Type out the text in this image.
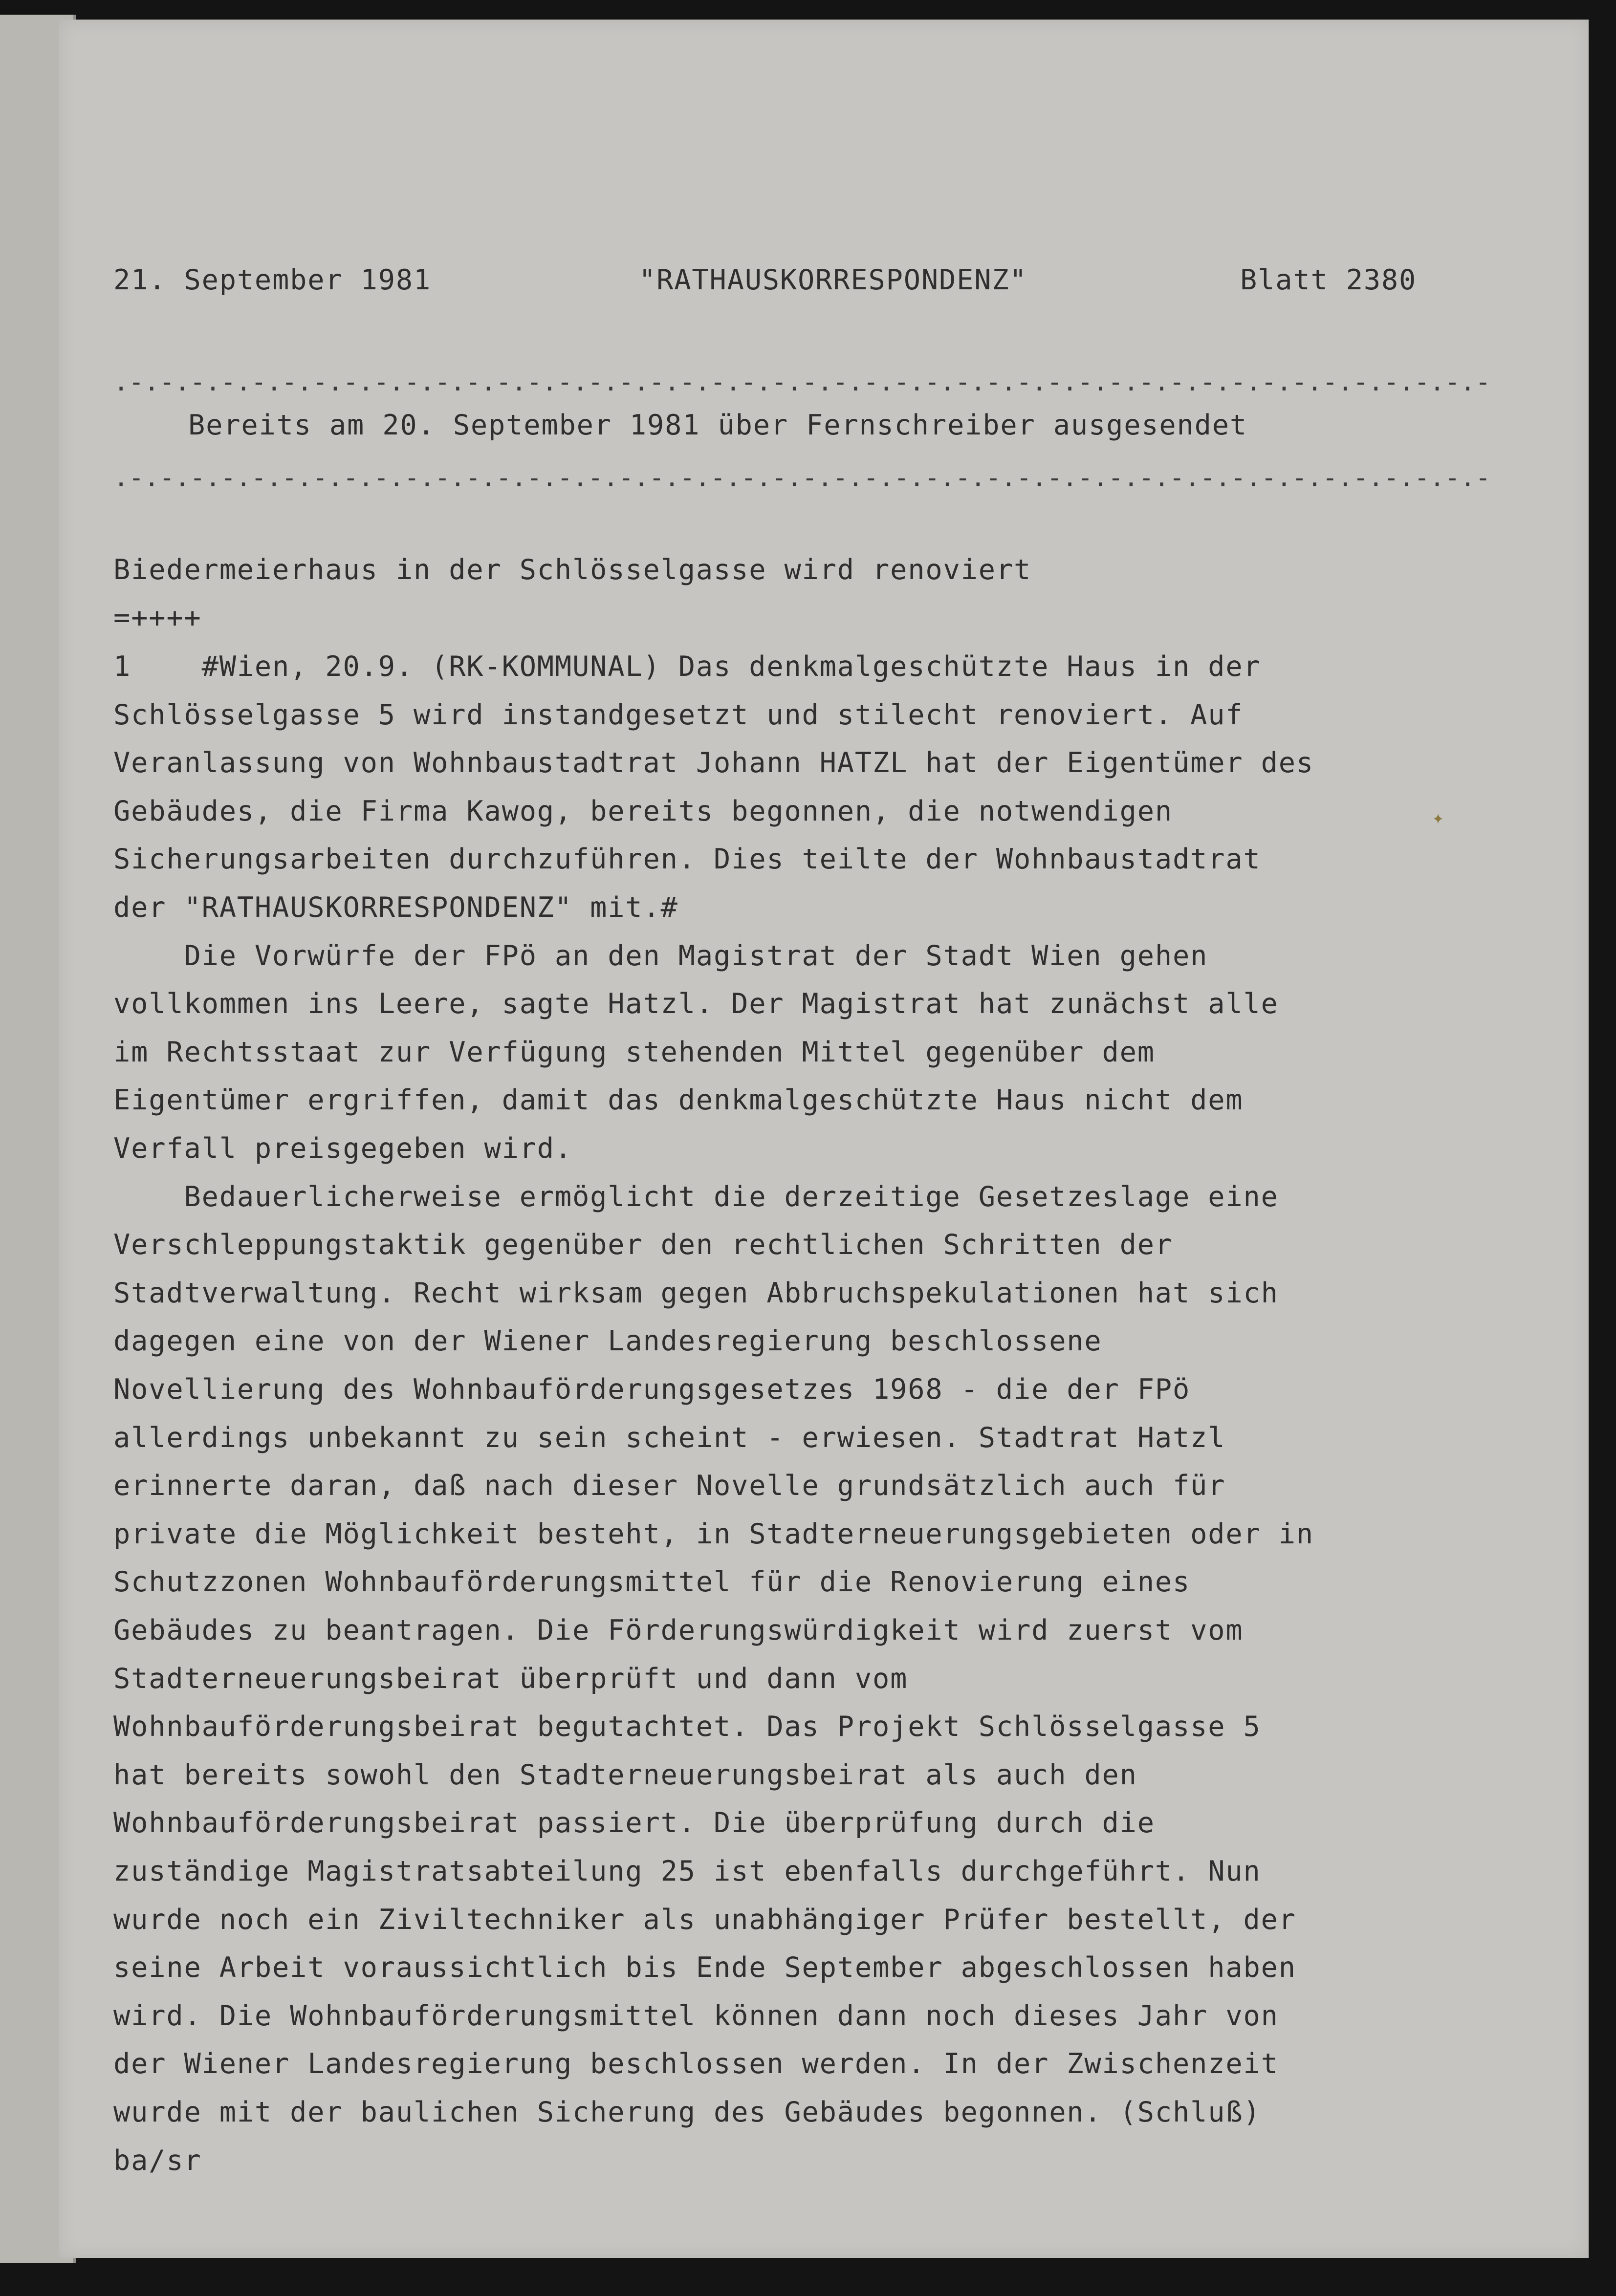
✦
21. September 1981	"RATHAUSKORRESPONDENZ"	Blatt 2380
.-.-.-.-.-.-.-.-.-.-.-.-.-.-.-.-.-.-.-.-.-.-.-.-.-.-.-.-.-.-.-.-.-.-.-.-.-.-.-.-.-.-.-.-.-
Bereits am 20. September 1981 über Fernschreiber ausgesendet
.-.-.-.-.-.-.-.-.-.-.-.-.-.-.-.-.-.-.-.-.-.-.-.-.-.-.-.-.-.-.-.-.-.-.-.-.-.-.-.-.-.-.-.-.-
Biedermeierhaus in der Schlösselgasse wird renoviert
=++++
1    #Wien, 20.9. (RK-KOMMUNAL) Das denkmalgeschützte Haus in der
Schlösselgasse 5 wird instandgesetzt und stilecht renoviert. Auf
Veranlassung von Wohnbaustadtrat Johann HATZL hat der Eigentümer des
Gebäudes, die Firma Kawog, bereits begonnen, die notwendigen
Sicherungsarbeiten durchzuführen. Dies teilte der Wohnbaustadtrat
der "RATHAUSKORRESPONDENZ" mit.#
Die Vorwürfe der FPö an den Magistrat der Stadt Wien gehen
vollkommen ins Leere, sagte Hatzl. Der Magistrat hat zunächst alle
im Rechtsstaat zur Verfügung stehenden Mittel gegenüber dem
Eigentümer ergriffen, damit das denkmalgeschützte Haus nicht dem
Verfall preisgegeben wird.
Bedauerlicherweise ermöglicht die derzeitige Gesetzeslage eine
Verschleppungstaktik gegenüber den rechtlichen Schritten der
Stadtverwaltung. Recht wirksam gegen Abbruchspekulationen hat sich
dagegen eine von der Wiener Landesregierung beschlossene
Novellierung des Wohnbauförderungsgesetzes 1968 - die der FPö
allerdings unbekannt zu sein scheint - erwiesen. Stadtrat Hatzl
erinnerte daran, daß nach dieser Novelle grundsätzlich auch für
private die Möglichkeit besteht, in Stadterneuerungsgebieten oder in
Schutzzonen Wohnbauförderungsmittel für die Renovierung eines
Gebäudes zu beantragen. Die Förderungswürdigkeit wird zuerst vom
Stadterneuerungsbeirat überprüft und dann vom
Wohnbauförderungsbeirat begutachtet. Das Projekt Schlösselgasse 5
hat bereits sowohl den Stadterneuerungsbeirat als auch den
Wohnbauförderungsbeirat passiert. Die überprüfung durch die
zuständige Magistratsabteilung 25 ist ebenfalls durchgeführt. Nun
wurde noch ein Ziviltechniker als unabhängiger Prüfer bestellt, der
seine Arbeit voraussichtlich bis Ende September abgeschlossen haben
wird. Die Wohnbauförderungsmittel können dann noch dieses Jahr von
der Wiener Landesregierung beschlossen werden. In der Zwischenzeit
wurde mit der baulichen Sicherung des Gebäudes begonnen. (Schluß)
ba/sr
